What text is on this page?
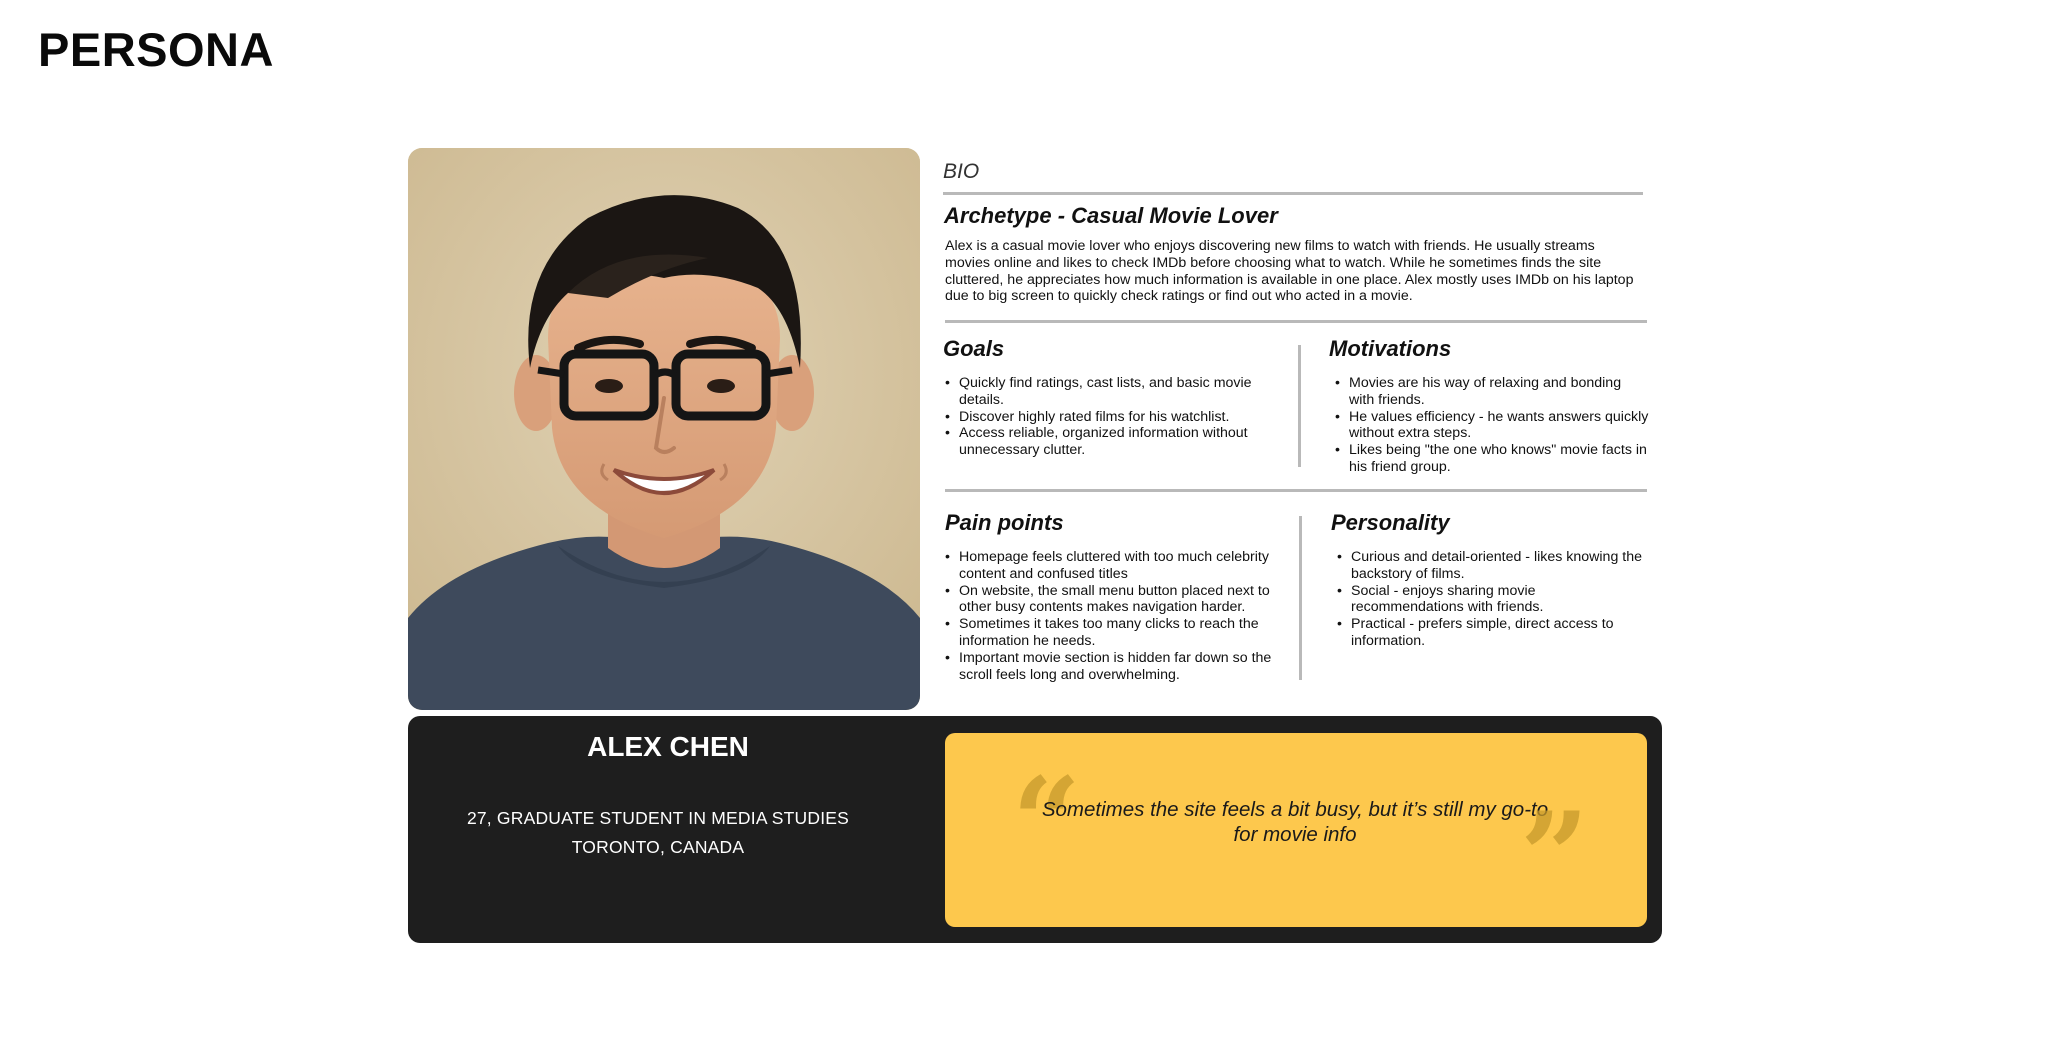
PERSONA
BIO
Archetype - Casual Movie Lover
Alex is a casual movie lover who enjoys discovering new films to watch with friends. He usually streams movies online and likes to check IMDb before choosing what to watch. While he sometimes finds the site cluttered, he appreciates how much information is available in one place. Alex mostly uses IMDb on his laptop due to big screen to quickly check ratings or find out who acted in a movie.
Goals
• Quickly find ratings, cast lists, and basic movie details.
• Discover highly rated films for his watchlist.
• Access reliable, organized information without unnecessary clutter.
Motivations
• Movies are his way of relaxing and bonding with friends.
• He values efficiency - he wants answers quickly without extra steps.
• Likes being "the one who knows" movie facts in his friend group.
Pain points
• Homepage feels cluttered with too much celebrity content and confused titles
• On website, the small menu button placed next to other busy contents makes navigation harder.
• Sometimes it takes too many clicks to reach the information he needs.
• Important movie section is hidden far down so the scroll feels long and overwhelming.
Personality
• Curious and detail-oriented - likes knowing the backstory of films.
• Social - enjoys sharing movie recommendations with friends.
• Practical - prefers simple, direct access to information.
ALEX CHEN
27, GRADUATE STUDENT IN MEDIA STUDIES
TORONTO, CANADA	“
Sometimes the site feels a bit busy, but it’s still my go-to for movie info	”
